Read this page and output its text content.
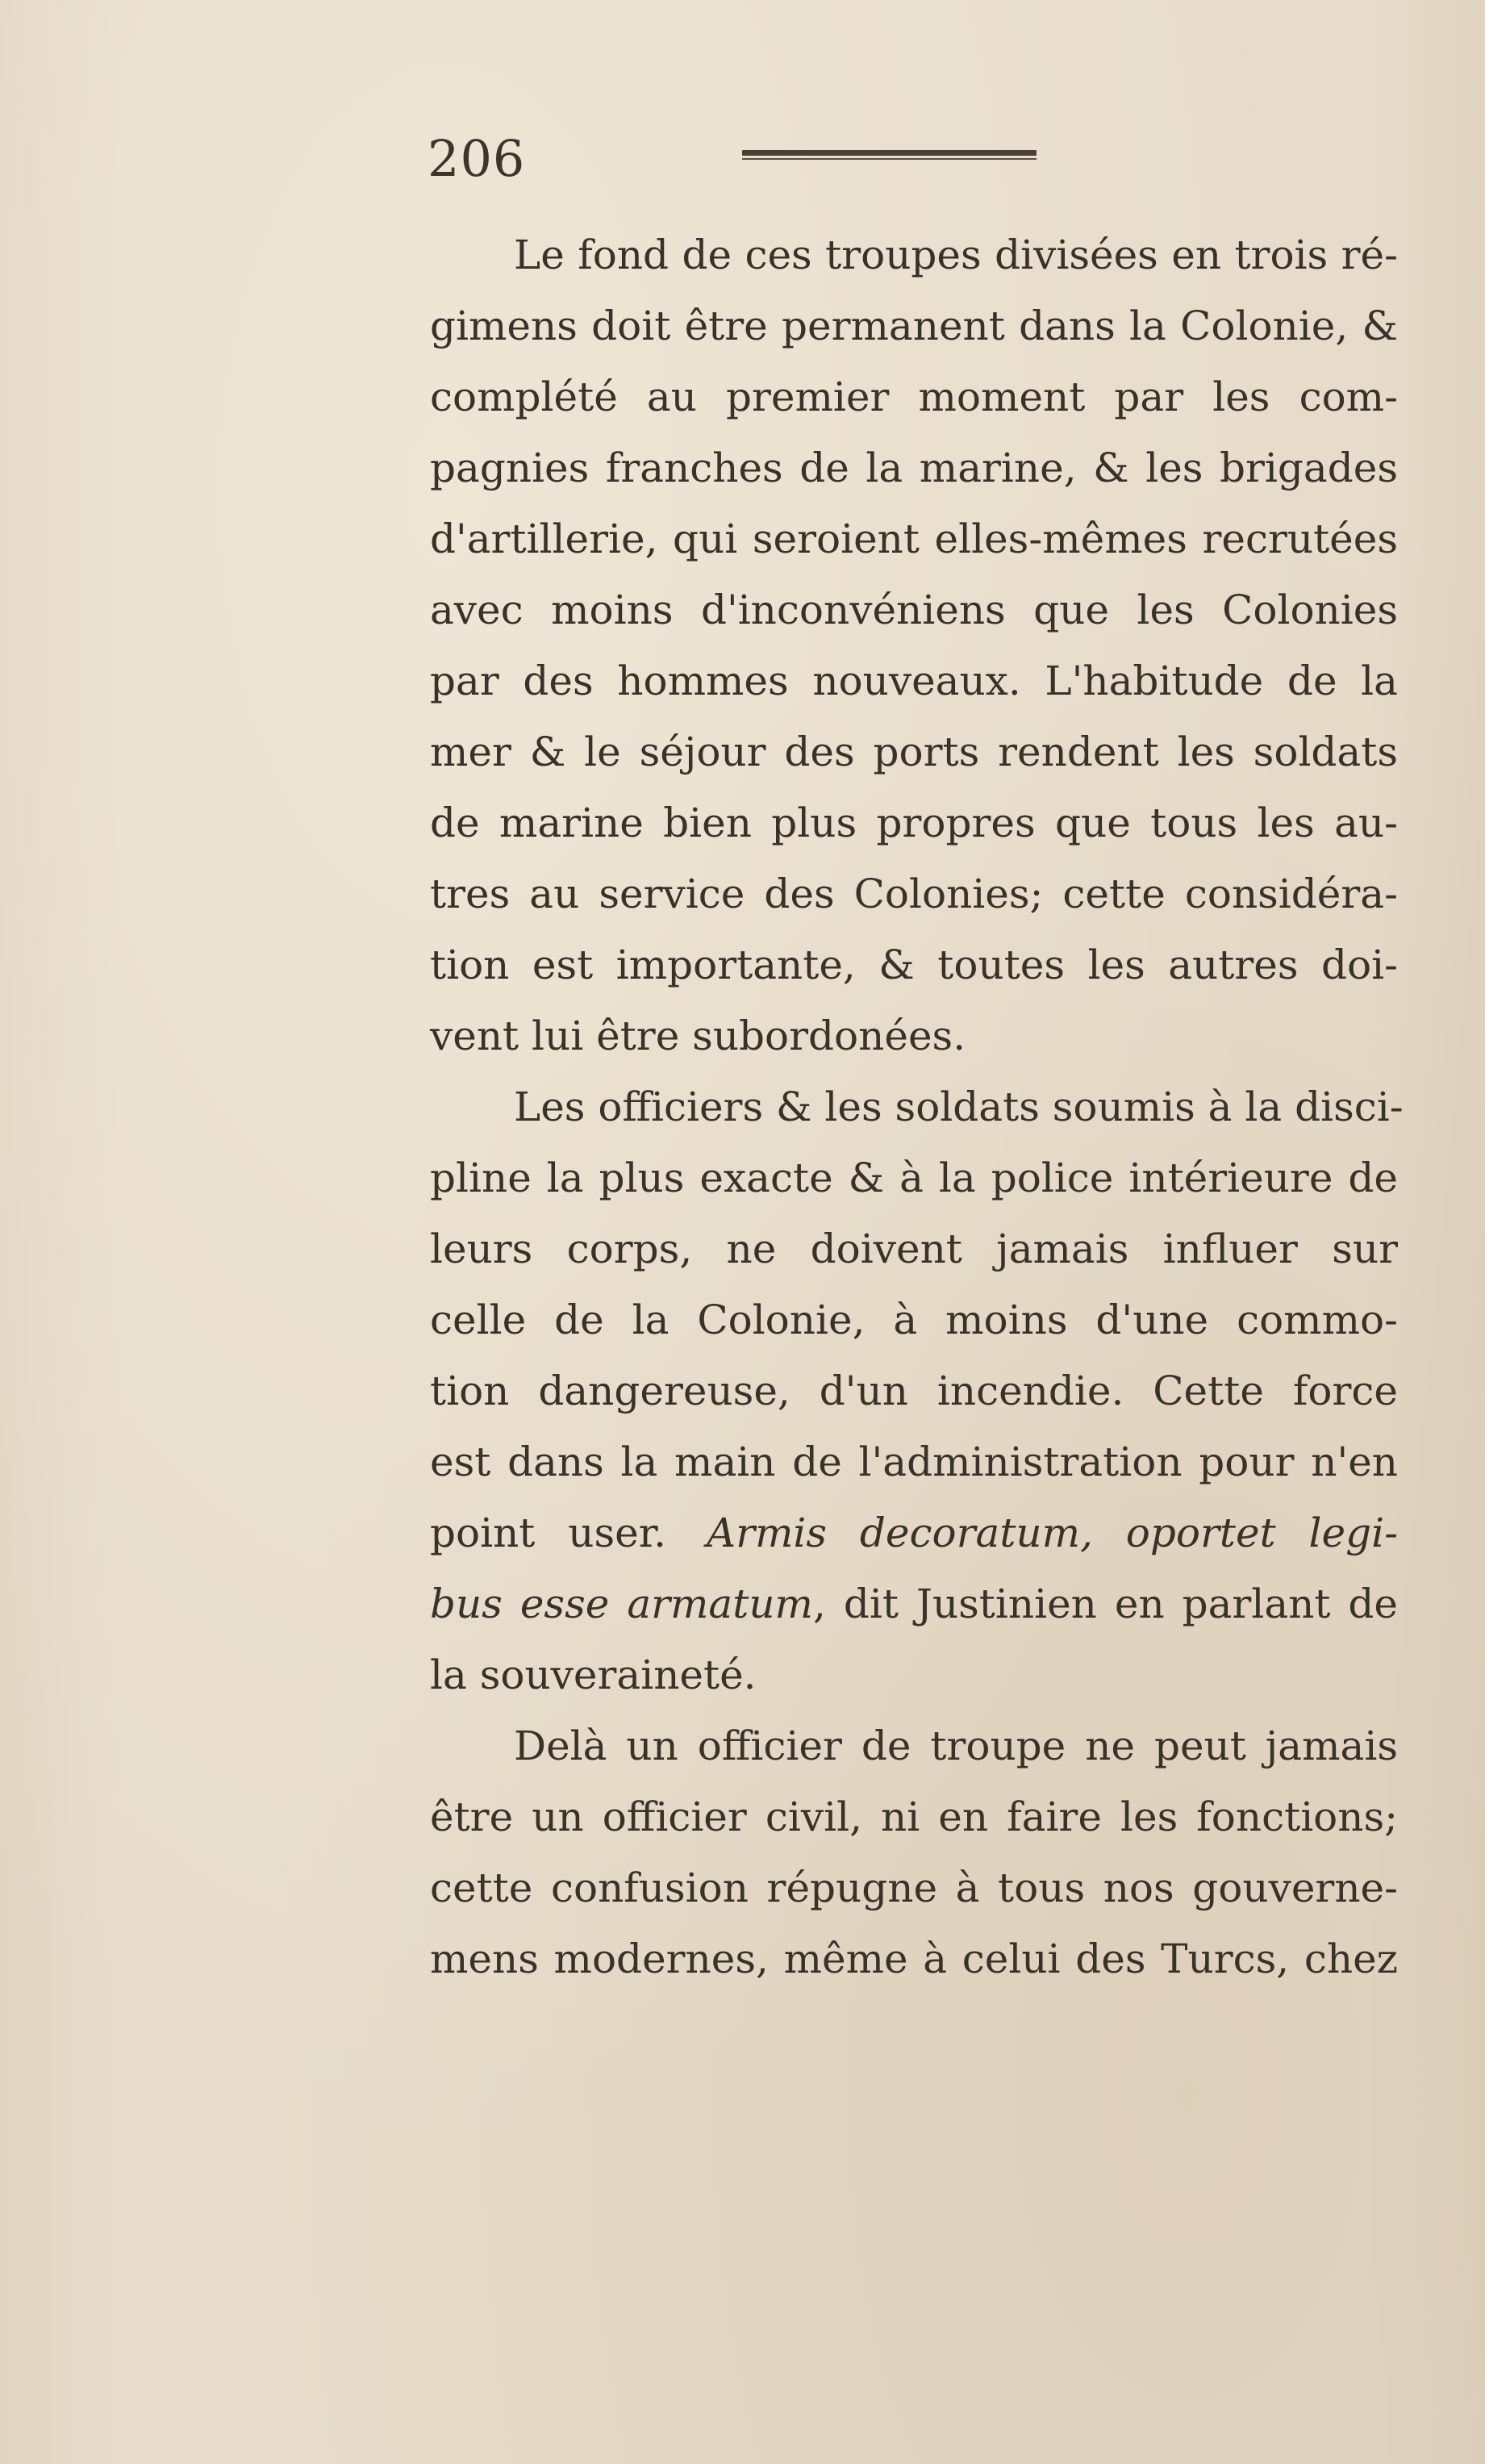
206
Le fond de ces troupes divisées en trois ré-
gimens doit être permanent dans la Colonie, &
complété au premier moment par les com-
pagnies franches de la marine, & les brigades
d'artillerie, qui seroient elles-mêmes recrutées
avec moins d'inconvéniens que les Colonies
par des hommes nouveaux. L'habitude de la
mer & le séjour des ports rendent les soldats
de marine bien plus propres que tous les au-
tres au service des Colonies; cette considéra-
tion est importante, & toutes les autres doi-
vent lui être subordonées.
Les officiers & les soldats soumis à la disci-
pline la plus exacte & à la police intérieure de
leurs corps, ne doivent jamais influer sur
celle de la Colonie, à moins d'une commo-
tion dangereuse, d'un incendie. Cette force
est dans la main de l'administration pour n'en
point user.  Armis decoratum, oportet legi-
bus esse armatum, dit Justinien en parlant de
la souveraineté.
Delà un officier de troupe ne peut jamais
être un officier civil, ni en faire les fonctions;
cette confusion répugne à tous nos gouverne-
mens modernes, même à celui des Turcs, chez
